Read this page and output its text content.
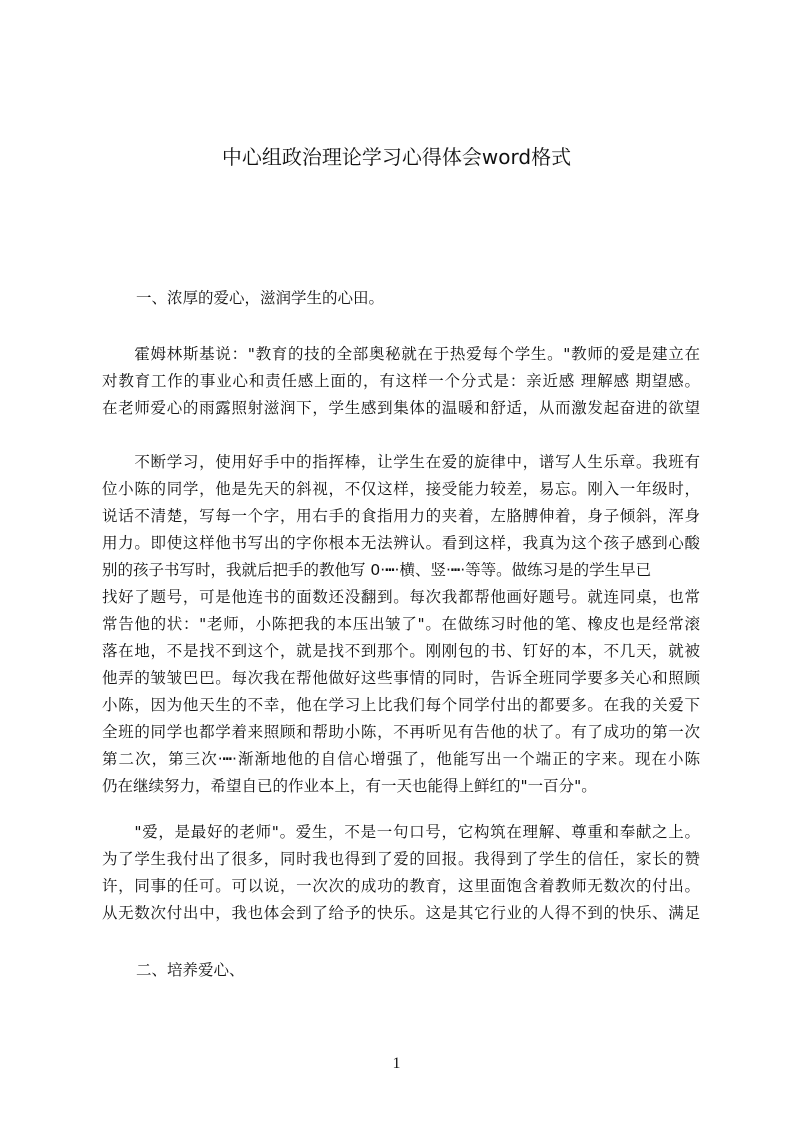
中心组政治理论学习心得体会word格式
一、浓厚的爱心，滋润学生的心田。
　　霍姆林斯基说："教育的技的全部奥秘就在于热爱每个学生。"教师的爱是建立在
对教育工作的事业心和责任感上面的，有这样一个分式是：亲近感 理解感 期望感。
在老师爱心的雨露照射滋润下，学生感到集体的温暖和舒适，从而激发起奋进的欲望
　　不断学习，使用好手中的指挥棒，让学生在爱的旋律中，谱写人生乐章。我班有
位小陈的同学，他是先天的斜视，不仅这样，接受能力较差，易忘。刚入一年级时，
说话不清楚，写每一个字，用右手的食指用力的夹着，左胳膊伸着，身子倾斜，浑身
用力。即使这样他书写出的字你根本无法辨认。看到这样，我真为这个孩子感到心酸
别的孩子书写时，我就后把手的教他写 0·┅·横、竖·┅·等等。做练习是的学生早已
找好了题号，可是他连书的面数还没翻到。每次我都帮他画好题号。就连同桌，也常
常告他的状："老师，小陈把我的本压出皱了"。在做练习时他的笔、橡皮也是经常滚
落在地，不是找不到这个，就是找不到那个。刚刚包的书、钉好的本，不几天，就被
他弄的皱皱巴巴。每次我在帮他做好这些事情的同时，告诉全班同学要多关心和照顾
小陈，因为他天生的不幸，他在学习上比我们每个同学付出的都要多。在我的关爱下
全班的同学也都学着来照顾和帮助小陈，不再听见有告他的状了。有了成功的第一次
第二次，第三次·┅·渐渐地他的自信心增强了，他能写出一个端正的字来。现在小陈
仍在继续努力，希望自已的作业本上，有一天也能得上鲜红的"一百分"。
　　"爱，是最好的老师"。爱生，不是一句口号，它构筑在理解、尊重和奉献之上。
为了学生我付出了很多，同时我也得到了爱的回报。我得到了学生的信任，家长的赞
许，同事的任可。可以说，一次次的成功的教育，这里面饱含着教师无数次的付出。
从无数次付出中，我也体会到了给予的快乐。这是其它行业的人得不到的快乐、满足
二、培养爱心、
1
